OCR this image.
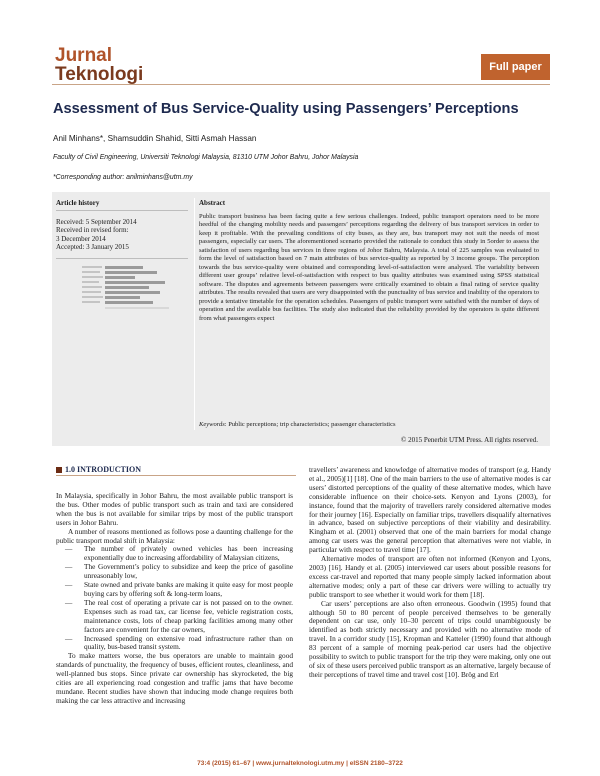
Jurnal
Teknologi	Full paper
Assessment of Bus Service-Quality using Passengers’ Perceptions
Anil Minhans*, Shamsuddin Shahid, Sitti Asmah Hassan
Faculty of Civil Engineering, Universiti Teknologi Malaysia, 81310 UTM Johor Bahru, Johor Malaysia
*Corresponding author: anilminhans@utm.my
Article history
Received: 5 September 2014
Received in revised form:
3 December 2014
Accepted: 3 January 2015
Abstract
Public transport business has been facing quite a few serious challenges. Indeed, public transport operators need to be more heedful of the changing mobility needs and passengers’ perceptions regarding the delivery of bus transport services in order to keep it profitable. With the prevailing conditions of city buses, as they are, bus transport may not suit the needs of most passengers, especially car users. The aforementioned scenario provided the rationale to conduct this study in 5order to assess the satisfaction of users regarding bus services in three regions of Johor Bahru, Malaysia. A total of 225 samples was evaluated to form the level of satisfaction based on 7 main attributes of bus service-quality as reported by 3 income groups. The perception towards the bus service-quality were obtained and corresponding level-of-satisfaction were analysed. The variability between different user groups’ relative level-of-satisfaction with respect to bus quality attributes was examined using SPSS statistical software. The disputes and agreements between passengers were critically examined to obtain a final rating of service quality attributes. The results revealed that users are very disappointed with the punctuality of bus service and inability of the operators to provide a tentative timetable for the operation schedules. Passengers of public transport were satisfied with the number of days of operation and the available bus facilities. The study also indicated that the reliability provided by the operators is quite different from what passengers expect
Keywords: Public perceptions; trip characteristics; passenger characteristics
© 2015 Penerbit UTM Press. All rights reserved.
1.0 INTRODUCTION

In Malaysia, specifically in Johor Bahru, the most available public transport is the bus. Other modes of public transport such as train and taxi are considered when the bus is not available for similar trips by most of the public transport users in Johor Bahru.

A number of reasons mentioned as follows pose a daunting challenge for the public transport modal shift in Malaysia:

— The number of privately owned vehicles has been increasing exponentially due to increasing affordability of Malaysian citizens,
— The Government’s policy to subsidize and keep the price of gasoline unreasonably low,
— State owned and private banks are making it quite easy for most people buying cars by offering soft & long-term loans,
— The real cost of operating a private car is not passed on to the owner. Expenses such as road tax, car license fee, vehicle registration costs, maintenance costs, lots of cheap parking facilities among many other factors are convenient for the car owners,
— Increased spending on extensive road infrastructure rather than on quality, bus-based transit system.

To make matters worse, the bus operators are unable to maintain good standards of punctuality, the frequency of buses, efficient routes, cleanliness, and well-planned bus stops. Since private car ownership has skyrocketed, the big cities are all experiencing road congestion and traffic jams that have become mundane. Recent studies have shown that inducing mode change requires both making the car less attractive and increasing

travellers’ awareness and knowledge of alternative modes of transport (e.g. Handy et al., 2005)[1] [18]. One of the main barriers to the use of alternative modes is car users’ distorted perceptions of the quality of these alternative modes, which have considerable influence on their choice-sets. Kenyon and Lyons (2003), for instance, found that the majority of travellers rarely considered alternative modes for their journey [16]. Especially on familiar trips, travellers disqualify alternatives in advance, based on subjective perceptions of their viability and desirability. Kingham et al. (2001) observed that one of the main barriers for modal change among car users was the general perception that alternatives were not viable, in particular with respect to travel time [17].

Alternative modes of transport are often not informed (Kenyon and Lyons, 2003) [16]. Handy et al. (2005) interviewed car users about possible reasons for excess car-travel and reported that many people simply lacked information about alternative modes; only a part of these car drivers were willing to actually try public transport to see whether it would work for them [18].

Car users’ perceptions are also often erroneous. Goodwin (1995) found that although 50 to 80 percent of people perceived themselves to be generally dependent on car use, only 10–30 percent of trips could unambiguously be identified as both strictly necessary and provided with no alternative mode of travel. In a corridor study [15], Kropman and Katteler (1990) found that although 83 percent of a sample of morning peak-period car users had the objective possibility to switch to public transport for the trip they were making, only one out of six of these users perceived public transport as an alternative, largely because of their perceptions of travel time and travel cost [10]. Brög and Erl

73:4 (2015) 61–67 | www.jurnalteknologi.utm.my | eISSN 2180–3722
